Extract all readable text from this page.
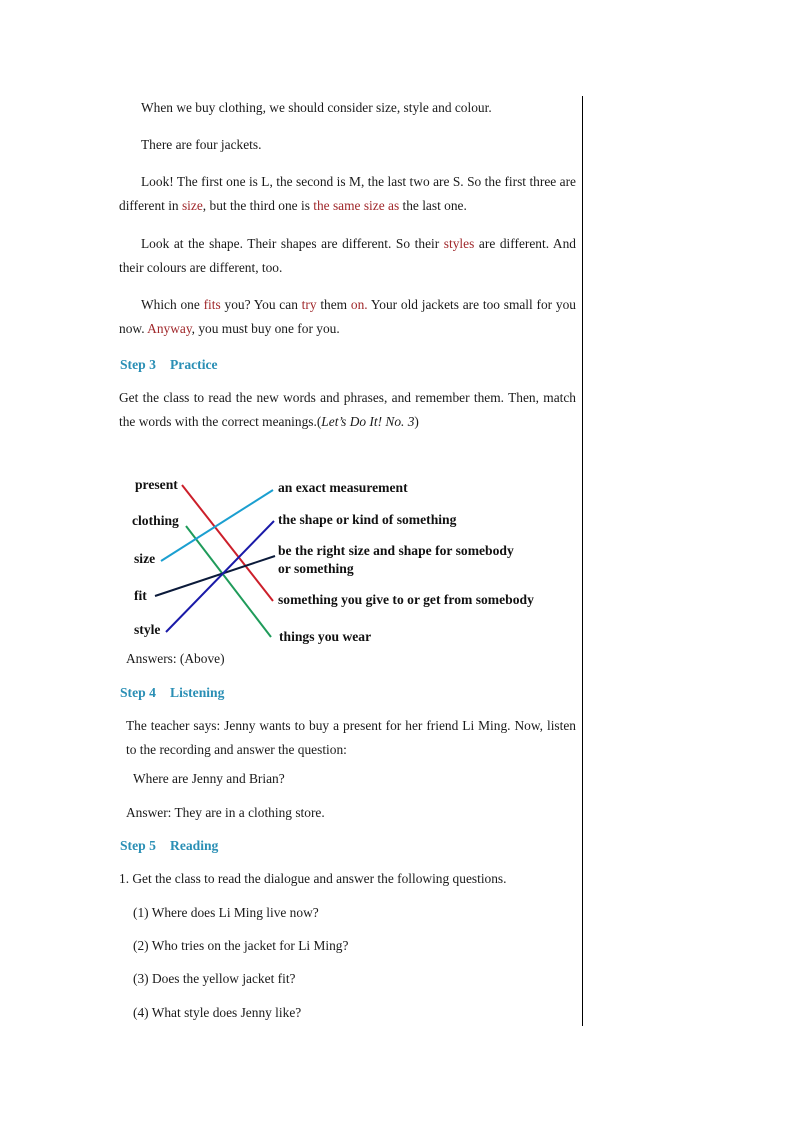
When we buy clothing, we should consider size, style and colour.

There are four jackets.

Look! The first one is L, the second is M, the last two are S. So the first three are different in size, but the third one is the same size as the last one.

Look at the shape. Their shapes are different. So their styles are different. And their colours are different, too.

Which one fits you? You can try them on. Your old jackets are too small for you now. Anyway, you must buy one for you.

Step 3 Practice

Get the class to read the new words and phrases, and remember them. Then, match the words with the correct meanings.(Let’s Do It! No. 3)

present
clothing
size
fit
style
an exact measurement
the shape or kind of something
be the right size and shape for somebody
or something
something you give to or get from somebody
things you wear
Answers: (Above)
Step 4 Listening

The teacher says: Jenny wants to buy a present for her friend Li Ming. Now, listen to the recording and answer the question:

Where are Jenny and Brian?

Answer: They are in a clothing store.

Step 5 Reading

1. Get the class to read the dialogue and answer the following questions.

(1) Where does Li Ming live now?

(2) Who tries on the jacket for Li Ming?

(3) Does the yellow jacket fit?

(4) What style does Jenny like?
